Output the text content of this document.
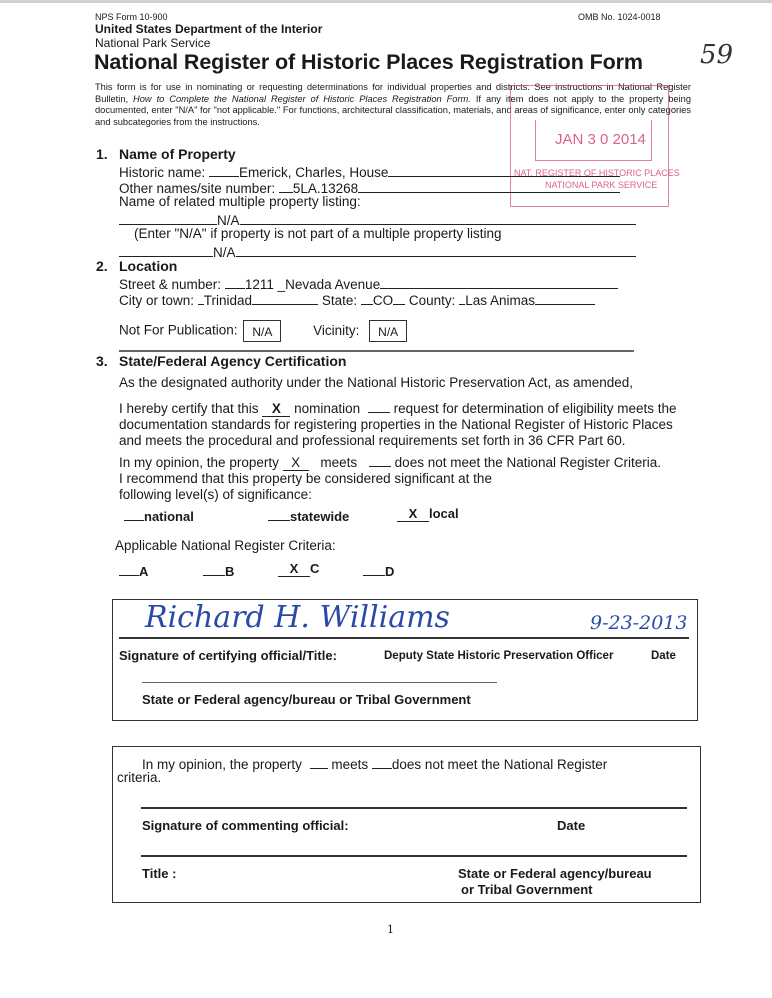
NPS Form 10-900	OMB No. 1024-0018
United States Department of the Interior
National Park Service
National Register of Historic Places Registration Form 59
This form is for use in nominating or requesting determinations for individual properties and districts. See instructions in National Register Bulletin, How to Complete the National Register of Historic Places Registration Form. If any item does not apply to the property being documented, enter "N/A" for "not applicable." For functions, architectural classification, materials, and areas of significance, enter only categories and subcategories from the instructions.
JAN 3 0 2014
NAT. REGISTER OF HISTORIC PLACES
NATIONAL PARK SERVICE
1. Name of Property
Historic name:	Emerick, Charles, House
Other names/site number: 5LA.13268
Name of related multiple property listing:
N/A
(Enter "N/A" if property is not part of a multiple property listing
N/A
2. Location
Street & number: 1211 _Nevada Avenue
City or town: Trinidad	State: CO County: Las Animas
Not For Publication: N/A	Vicinity: N/A
3. State/Federal Agency Certification
As the designated authority under the National Historic Preservation Act, as amended,
I hereby certify that this X nomination request for determination of eligibility meets the documentation standards for registering properties in the National Register of Historic Places and meets the procedural and professional requirements set forth in 36 CFR Part 60.
In my opinion, the property X meets	does not meet the National Register Criteria.
I recommend that this property be considered significant at the following level(s) of significance:
national	statewide	X local
Applicable National Register Criteria:
A	B	X C	D
Richard H. Williams	9-23-2013
Signature of certifying official/Title:	Deputy State Historic Preservation Officer	Date
State or Federal agency/bureau or Tribal Government
In my opinion, the property meets does not meet the National Register
criteria.
Signature of commenting official:	Date
Title :	State or Federal agency/bureau
or Tribal Government
1
